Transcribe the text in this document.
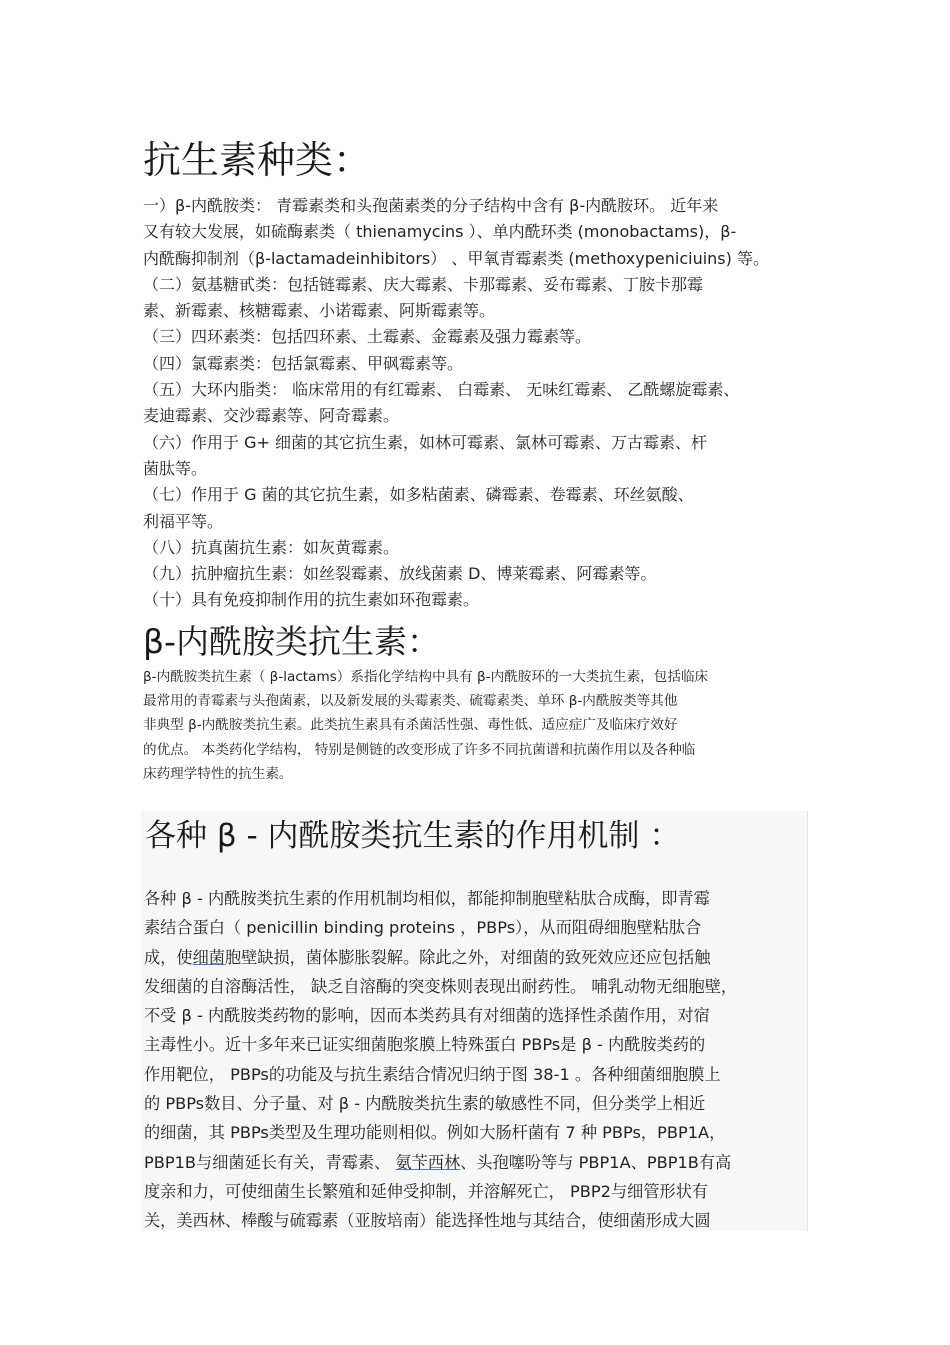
抗生素种类：
一）β-内酰胺类： 青霉素类和头孢菌素类的分子结构中含有 β-内酰胺环。 近年来
又有较大发展，如硫酶素类（ thienamycins ）、单内酰环类 (monobactams)，β-
内酰酶抑制剂（β-lactamadeinhibitors） 、甲氧青霉素类 (methoxypeniciuins) 等。
（二）氨基糖甙类：包括链霉素、庆大霉素、卡那霉素、妥布霉素、丁胺卡那霉
素、新霉素、核糖霉素、小诺霉素、阿斯霉素等。
（三）四环素类：包括四环素、土霉素、金霉素及强力霉素等。
（四）氯霉素类：包括氯霉素、甲砜霉素等。
（五）大环内脂类： 临床常用的有红霉素、 白霉素、 无味红霉素、 乙酰螺旋霉素、
麦迪霉素、交沙霉素等、阿奇霉素。
（六）作用于 G+ 细菌的其它抗生素，如林可霉素、氯林可霉素、万古霉素、杆
菌肽等。
（七）作用于 G 菌的其它抗生素，如多粘菌素、磷霉素、卷霉素、环丝氨酸、
利福平等。
（八）抗真菌抗生素：如灰黄霉素。
（九）抗肿瘤抗生素：如丝裂霉素、放线菌素 D、博莱霉素、阿霉素等。
（十）具有免疫抑制作用的抗生素如环孢霉素。
β-内酰胺类抗生素：
β-内酰胺类抗生素（ β-lactams）系指化学结构中具有 β-内酰胺环的一大类抗生素，包括临床
最常用的青霉素与头孢菌素，以及新发展的头霉素类、硫霉素类、单环 β-内酰胺类等其他
非典型 β-内酰胺类抗生素。此类抗生素具有杀菌活性强、毒性低、适应症广及临床疗效好
的优点。 本类药化学结构， 特别是侧链的改变形成了许多不同抗菌谱和抗菌作用以及各种临
床药理学特性的抗生素。
各种 β - 内酰胺类抗生素的作用机制 ：
各种 β - 内酰胺类抗生素的作用机制均相似，都能抑制胞壁粘肽合成酶，即青霉
素结合蛋白（ penicillin binding proteins ，PBPs），从而阻碍细胞壁粘肽合
成，使细菌胞壁缺损，菌体膨胀裂解。除此之外，对细菌的致死效应还应包括触
发细菌的自溶酶活性， 缺乏自溶酶的突变株则表现出耐药性。 哺乳动物无细胞壁，
不受 β - 内酰胺类药物的影响，因而本类药具有对细菌的选择性杀菌作用，对宿
主毒性小。近十多年来已证实细菌胞浆膜上特殊蛋白 PBPs是 β - 内酰胺类药的
作用靶位， PBPs的功能及与抗生素结合情况归纳于图 38-1 。各种细菌细胞膜上
的 PBPs数目、分子量、对 β - 内酰胺类抗生素的敏感性不同，但分类学上相近
的细菌，其 PBPs类型及生理功能则相似。例如大肠杆菌有 7 种 PBPs，PBP1A，
PBP1B与细菌延长有关，青霉素、 氨苄西林、头孢噻吩等与 PBP1A、PBP1B有高
度亲和力，可使细菌生长繁殖和延伸受抑制，并溶解死亡， PBP2与细管形状有
关，美西林、棒酸与硫霉素（亚胺培南）能选择性地与其结合，使细菌形成大圆
